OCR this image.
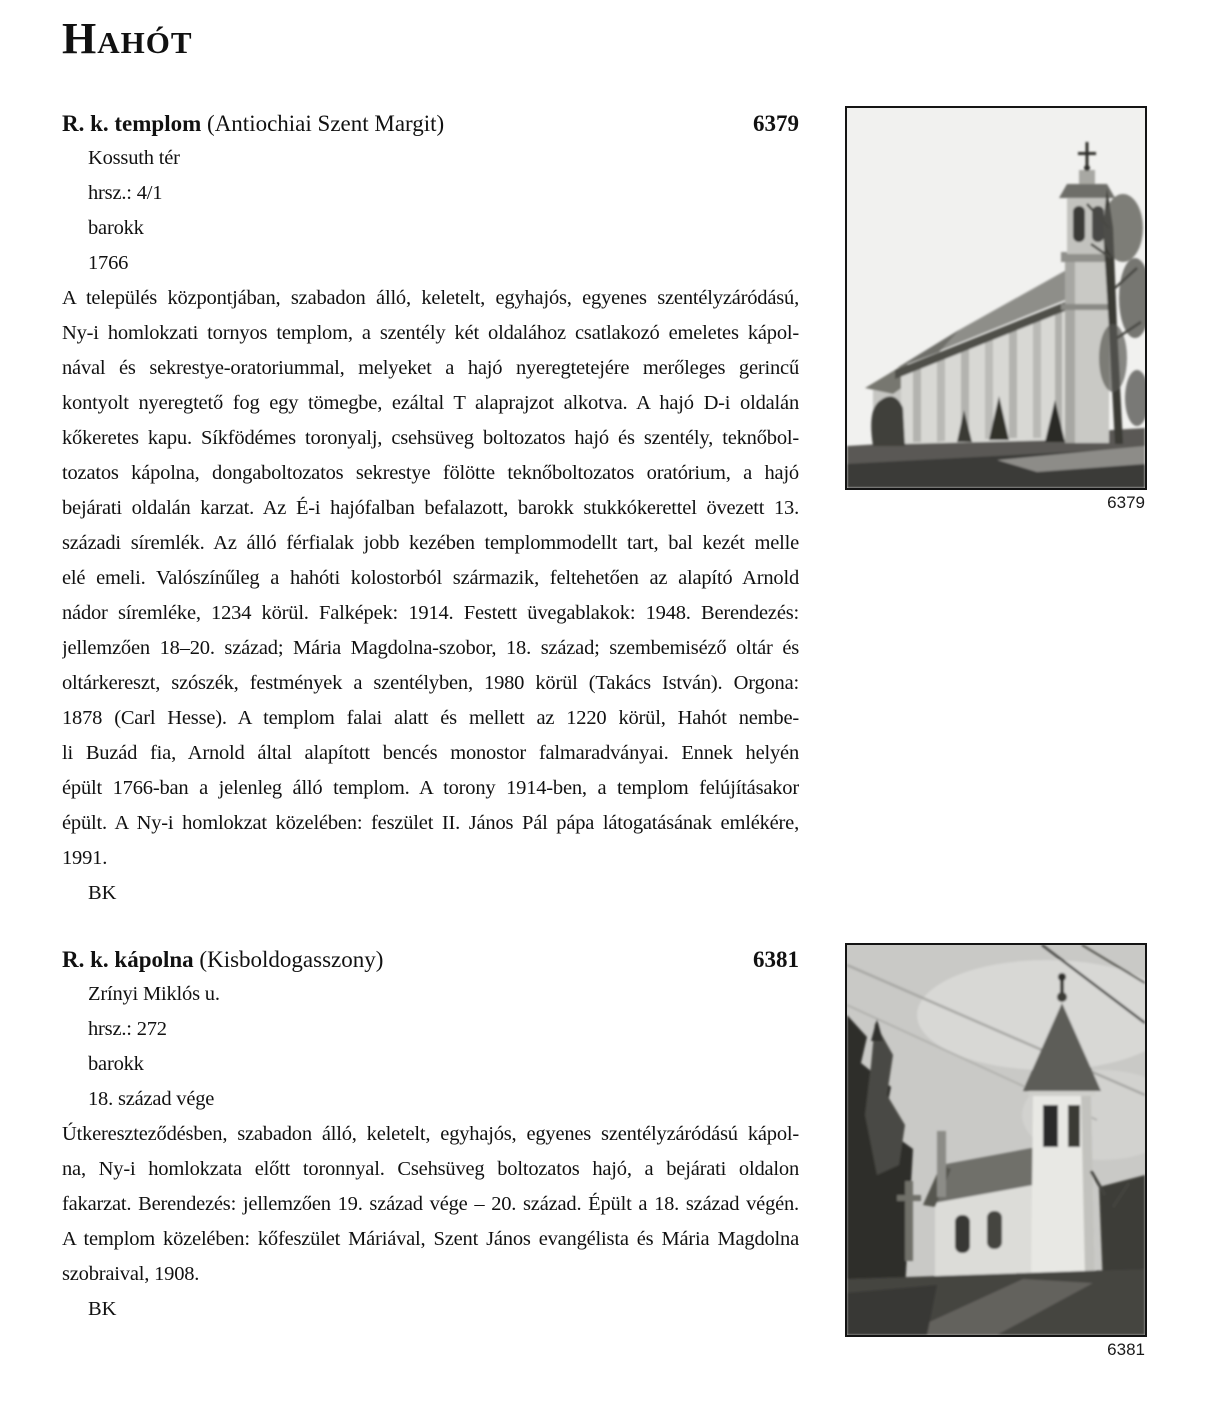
Hahót
R. k. templom (Antiochiai Szent Margit)	6379
Kossuth tér
hrsz.: 4/1
barokk
1766
A település központjában, szabadon álló, keletelt, egyhajós, egyenes szentélyzáródású,
Ny-i homlokzati tornyos templom, a szentély két oldalához csatlakozó emeletes kápol-
nával és sekrestye-oratoriummal, melyeket a hajó nyeregtetejére merőleges gerincű
kontyolt nyeregtető fog egy tömegbe, ezáltal T alaprajzot alkotva. A hajó D-i oldalán
kőkeretes kapu. Síkfödémes toronyalj, csehsüveg boltozatos hajó és szentély, teknőbol-
tozatos kápolna, dongaboltozatos sekrestye fölötte teknőboltozatos oratórium, a hajó
bejárati oldalán karzat. Az É-i hajófalban befalazott, barokk stukkókerettel övezett 13.
századi síremlék. Az álló férfialak jobb kezében templommodellt tart, bal kezét melle
elé emeli. Valószínűleg a hahóti kolostorból származik, feltehetően az alapító Arnold
nádor síremléke, 1234 körül. Falképek: 1914. Festett üvegablakok: 1948. Berendezés:
jellemzően 18–20. század; Mária Magdolna-szobor, 18. század; szembemiséző oltár és
oltárkereszt, szószék, festmények a szentélyben, 1980 körül (Takács István). Orgona:
1878 (Carl Hesse). A templom falai alatt és mellett az 1220 körül, Hahót nembe-
li Buzád fia, Arnold által alapított bencés monostor falmaradványai. Ennek helyén
épült 1766-ban a jelenleg álló templom. A torony 1914-ben, a templom felújításakor
épült. A Ny-i homlokzat közelében: feszület II. János Pál pápa látogatásának emlékére,
1991.
BK
R. k. kápolna (Kisboldogasszony)	6381
Zrínyi Miklós u.
hrsz.: 272
barokk
18. század vége
Útkereszteződésben, szabadon álló, keletelt, egyhajós, egyenes szentélyzáródású kápol-
na, Ny-i homlokzata előtt toronnyal. Csehsüveg boltozatos hajó, a bejárati oldalon
fakarzat. Berendezés: jellemzően 19. század vége – 20. század. Épült a 18. század végén.
A templom közelében: kőfeszület Máriával, Szent János evangélista és Mária Magdolna
szobraival, 1908.
BK
6379
6381
